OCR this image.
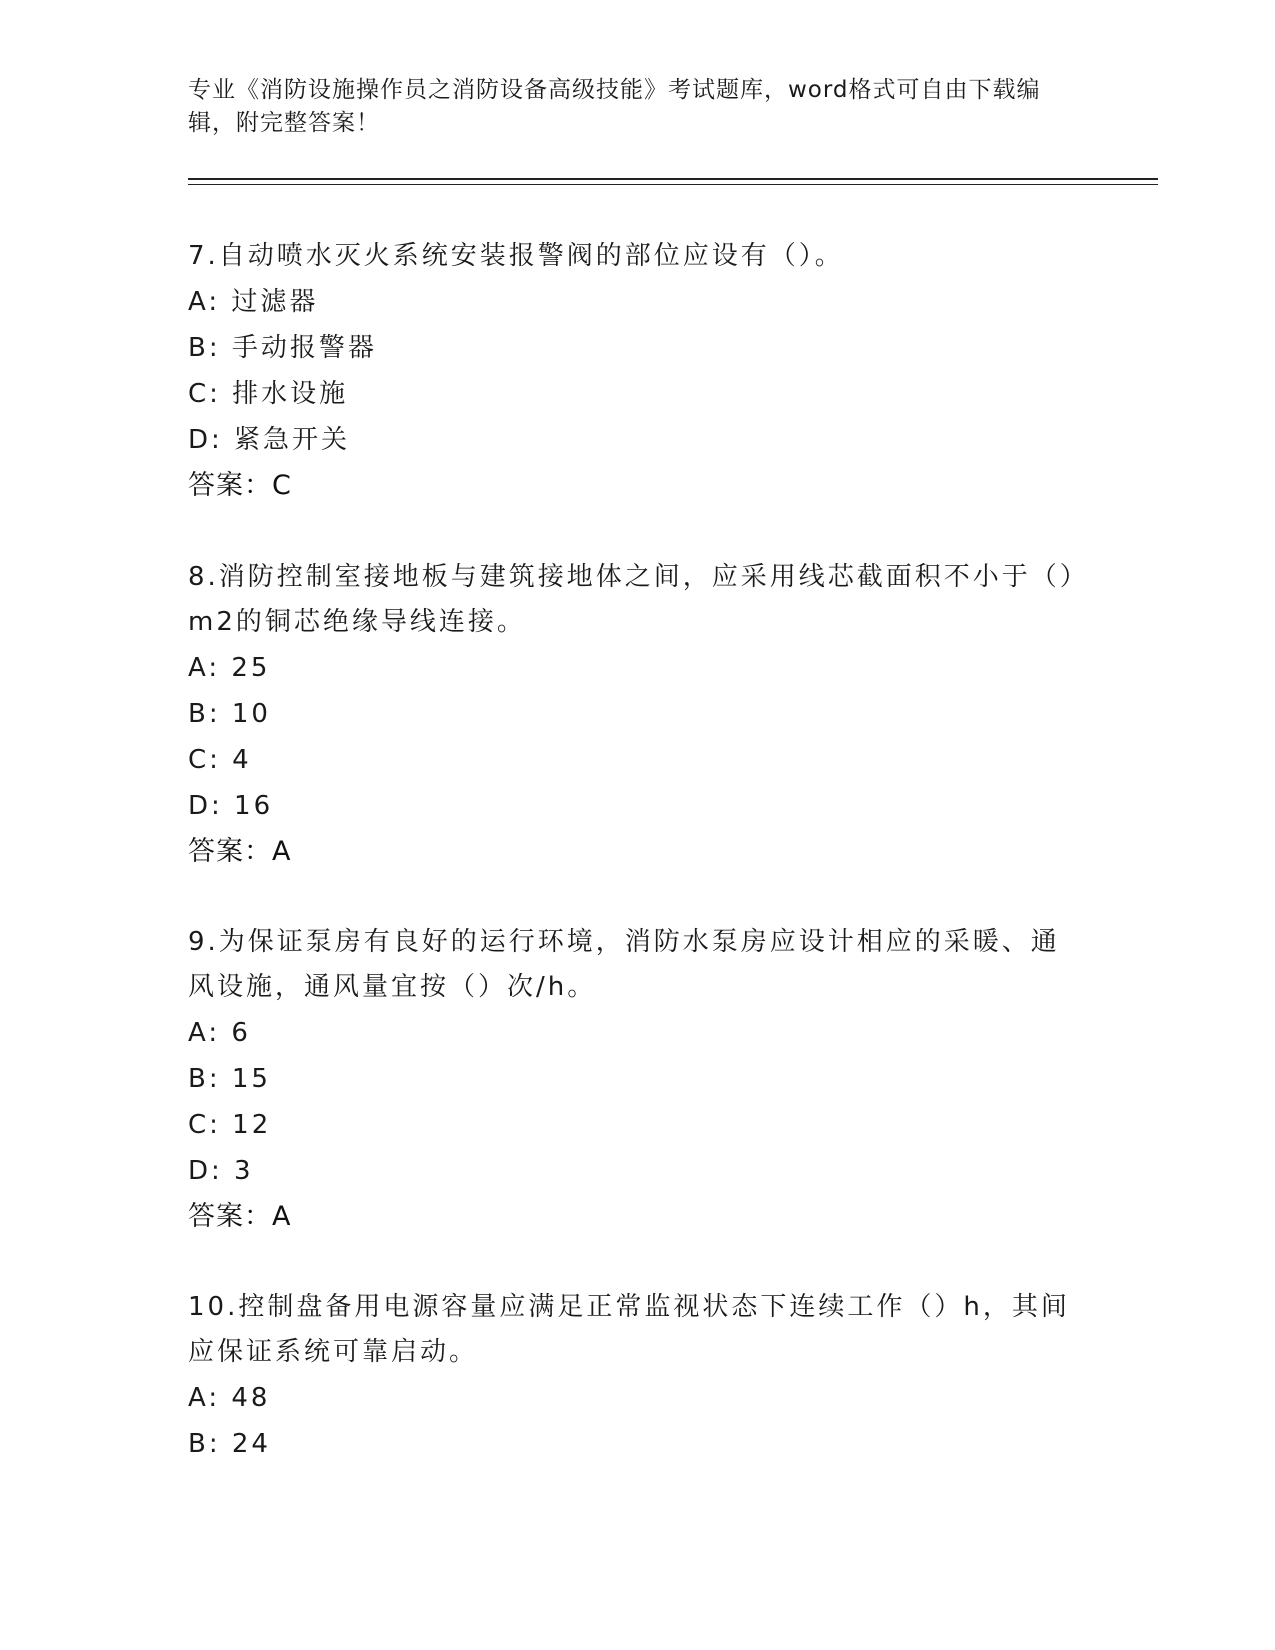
专业《消防设施操作员之消防设备高级技能》考试题库，word格式可自由下载编辑，附完整答案！

7.自动喷水灭火系统安装报警阀的部位应设有（）。

A: 过滤器

B: 手动报警器

C: 排水设施

D: 紧急开关

答案：C

8.消防控制室接地板与建筑接地体之间，应采用线芯截面积不小于（）m2的铜芯绝缘导线连接。

A: 25

B: 10

C: 4

D: 16

答案：A

9.为保证泵房有良好的运行环境，消防水泵房应设计相应的采暖、通风设施，通风量宜按（）次/h。

A: 6

B: 15

C: 12

D: 3

答案：A

10.控制盘备用电源容量应满足正常监视状态下连续工作（）h，其间应保证系统可靠启动。

A: 48

B: 24
